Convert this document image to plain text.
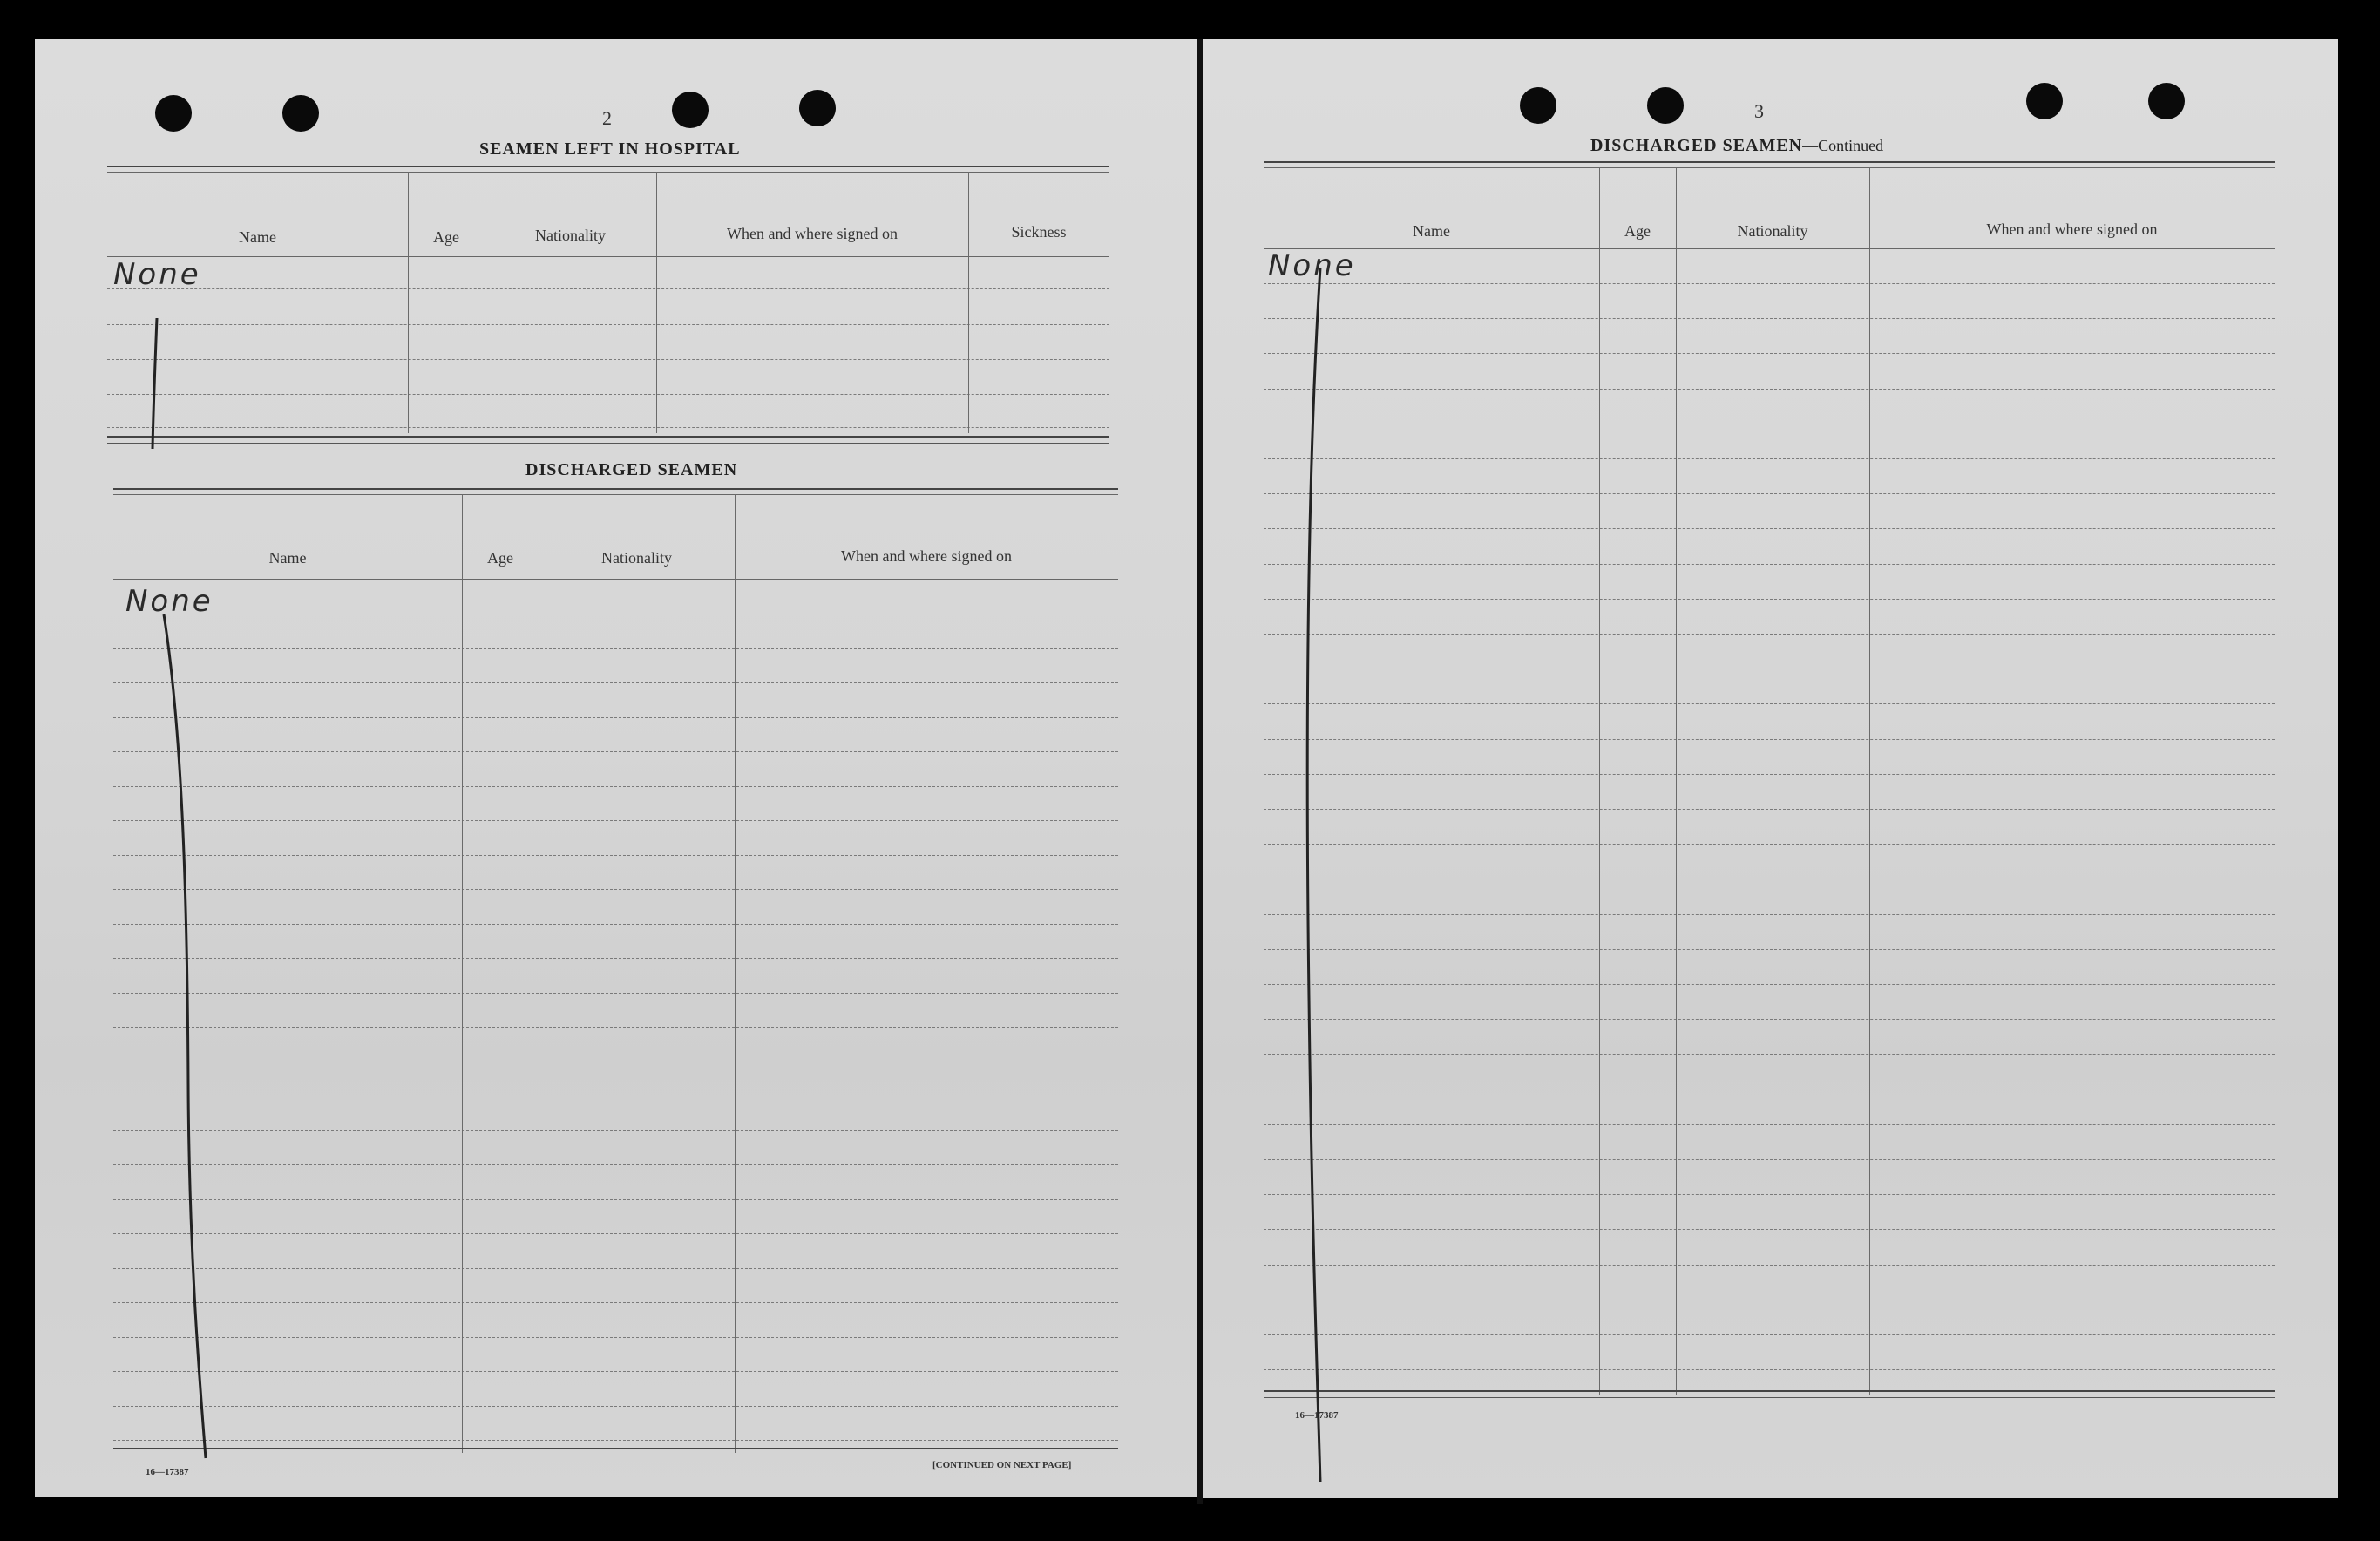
2
SEAMEN LEFT IN HOSPITAL
Name	Age	Nationality	When and where signed on	Sickness
None
DISCHARGED SEAMEN
Name	Age	Nationality	When and where signed on
None
16—17387
[CONTINUED ON NEXT PAGE]
3
DISCHARGED SEAMEN—Continued
Name	Age	Nationality	When and where signed on
None
16—17387
